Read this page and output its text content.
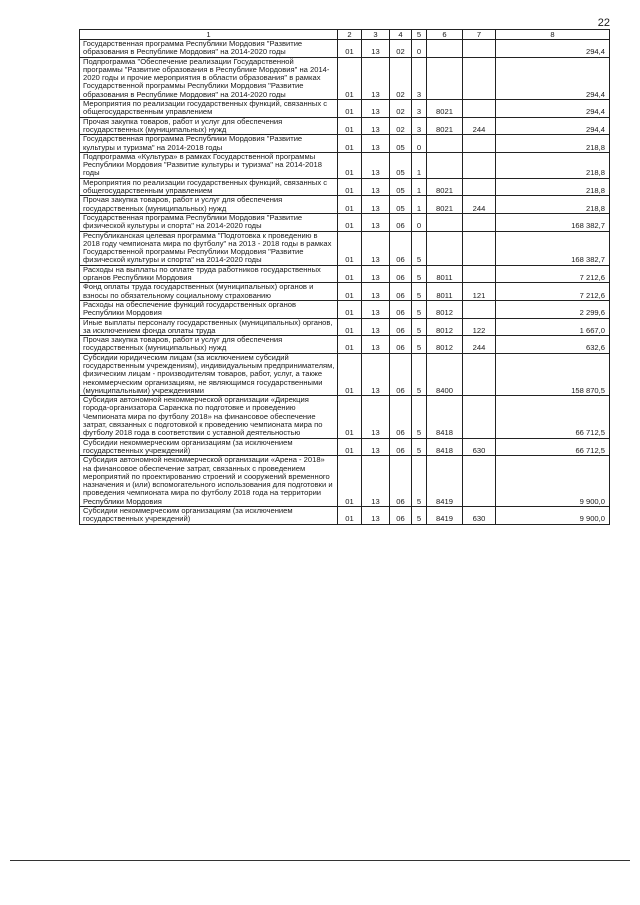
22
1	2	3	4	5	6	7	8
Государственная программа Республики Мордовия "Развитие образования в Республике Мордовия" на 2014-2020 годы	01	13	02	0			294,4
Подпрограмма "Обеспечение реализации Государственной программы "Развитие образования в Республике Мордовия" на 2014-2020 годы и прочие мероприятия в области образования" в рамках Государственной программы Республики Мордовия "Развитие образования в Республике Мордовия" на 2014-2020 годы	01	13	02	3			294,4
Мероприятия по реализации государственных функций, связанных с общегосударственным управлением	01	13	02	3	8021		294,4
Прочая закупка товаров, работ и услуг для обеспечения государственных (муниципальных) нужд	01	13	02	3	8021	244	294,4
Государственная программа Республики Мордовия "Развитие культуры и туризма" на 2014-2018 годы	01	13	05	0			218,8
Подпрограмма «Культура» в рамках Государственной программы Республики Мордовия "Развитие культуры и туризма" на 2014-2018 годы	01	13	05	1			218,8
Мероприятия по реализации государственных функций, связанных с общегосударственным управлением	01	13	05	1	8021		218,8
Прочая закупка товаров, работ и услуг для обеспечения государственных (муниципальных) нужд	01	13	05	1	8021	244	218,8
Государственная программа Республики Мордовия "Развитие физической культуры и спорта" на 2014-2020 годы	01	13	06	0			168 382,7
Республиканская целевая программа "Подготовка к проведению в 2018 году чемпионата мира по футболу" на 2013 - 2018 годы в рамках Государственной программы Республики Мордовия "Развитие физической культуры и спорта" на 2014-2020 годы	01	13	06	5			168 382,7
Расходы на выплаты по оплате труда работников государственных органов Республики Мордовия	01	13	06	5	8011		7 212,6
Фонд оплаты труда государственных (муниципальных) органов и взносы по обязательному социальному страхованию	01	13	06	5	8011	121	7 212,6
Расходы на обеспечение функций государственных органов Республики Мордовия	01	13	06	5	8012		2 299,6
Иные выплаты персоналу государственных (муниципальных) органов, за исключением фонда оплаты труда	01	13	06	5	8012	122	1 667,0
Прочая закупка товаров, работ и услуг для обеспечения государственных (муниципальных) нужд	01	13	06	5	8012	244	632,6
Субсидии юридическим лицам (за исключением субсидий государственным учреждениям), индивидуальным предпринимателям, физическим лицам - производителям товаров, работ, услуг, а также некоммерческим организациям, не являющимся государственными (муниципальными) учреждениями	01	13	06	5	8400		158 870,5
Субсидия автономной некоммерческой организации «Дирекция города-организатора Саранска по подготовке и проведению Чемпионата мира по футболу 2018» на финансовое обеспечение затрат, связанных с подготовкой к проведению чемпионата мира по футболу 2018 года в соответствии с уставной деятельностью	01	13	06	5	8418		66 712,5
Субсидии некоммерческим организациям (за исключением государственных учреждений)	01	13	06	5	8418	630	66 712,5
Субсидия автономной некоммерческой организации «Арена - 2018» на финансовое обеспечение затрат, связанных с проведением мероприятий по проектированию строений и сооружений временного назначения и (или) вспомогательного использования для подготовки и проведения чемпионата мира по футболу 2018 года на территории Республики Мордовия	01	13	06	5	8419		9 900,0
Субсидии некоммерческим организациям (за исключением государственных учреждений)	01	13	06	5	8419	630	9 900,0
